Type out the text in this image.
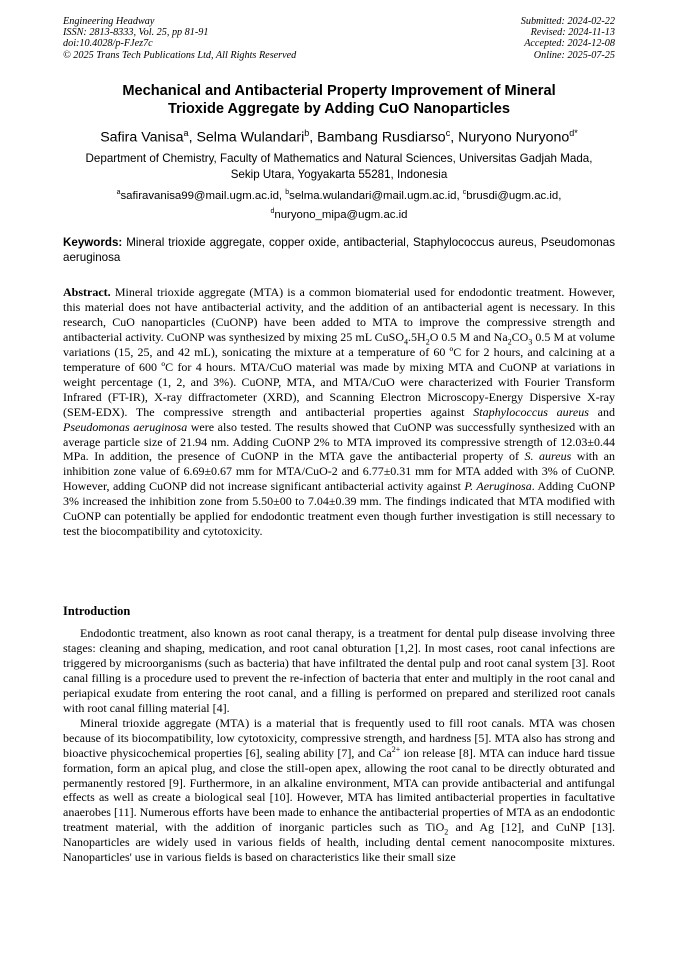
Engineering Headway
ISSN: 2813-8333, Vol. 25, pp 81-91
doi:10.4028/p-FJez7c
© 2025 Trans Tech Publications Ltd, All Rights Reserved
Submitted: 2024-02-22
Revised: 2024-11-13
Accepted: 2024-12-08
Online: 2025-07-25
Mechanical and Antibacterial Property Improvement of Mineral
Trioxide Aggregate by Adding CuO Nanoparticles
Safira Vanisa$^a$, Selma Wulandari$^b$, Bambang Rusdiarso$^c$, Nuryono Nuryono$^{d*}$
Department of Chemistry, Faculty of Mathematics and Natural Sciences, Universitas Gadjah Mada,
Sekip Utara, Yogyakarta 55281, Indonesia
$^a$safiravanisa99@mail.ugm.ac.id, $^b$selma.wulandari@mail.ugm.ac.id, $^c$brusdi@ugm.ac.id,
$^d$nuryono_mipa@ugm.ac.id
Keywords: Mineral trioxide aggregate, copper oxide, antibacterial, Staphylococcus aureus, Pseudomonas aeruginosa
Abstract. Mineral trioxide aggregate (MTA) is a common biomaterial used for endodontic treatment. However, this material does not have antibacterial activity, and the addition of an antibacterial agent is necessary. In this research, CuO nanoparticles (CuONP) have been added to MTA to improve the compressive strength and antibacterial activity. CuONP was synthesized by mixing 25 mL $CuSO_4.5H_2O$ 0.5 M and $Na_2CO_3$ 0.5 M at volume variations (15, 25, and 42 mL), sonicating the mixture at a temperature of 60 ºC for 2 hours, and calcining at a temperature of 600 ºC for 4 hours. MTA/CuO material was made by mixing MTA and CuONP at variations in weight percentage (1, 2, and 3%). CuONP, MTA, and MTA/CuO were characterized with Fourier Transform Infrared (FT-IR), X-ray diffractometer (XRD), and Scanning Electron Microscopy-Energy Dispersive X-ray (SEM-EDX). The compressive strength and antibacterial properties against Staphylococcus aureus and Pseudomonas aeruginosa were also tested. The results showed that CuONP was successfully synthesized with an average particle size of 21.94 nm. Adding CuONP 2% to MTA improved its compressive strength of 12.03±0.44 MPa. In addition, the presence of CuONP in the MTA gave the antibacterial property of S. aureus with an inhibition zone value of 6.69±0.67 mm for MTA/CuO-2 and 6.77±0.31 mm for MTA added with 3% of CuONP. However, adding CuONP did not increase significant antibacterial activity against P. Aeruginosa. Adding CuONP 3% increased the inhibition zone from 5.50±00 to 7.04±0.39 mm. The findings indicated that MTA modified with CuONP can potentially be applied for endodontic treatment even though further investigation is still necessary to test the biocompatibility and cytotoxicity.
Introduction

Endodontic treatment, also known as root canal therapy, is a treatment for dental pulp disease involving three stages: cleaning and shaping, medication, and root canal obturation [1,2]. In most cases, root canal infections are triggered by microorganisms (such as bacteria) that have infiltrated the dental pulp and root canal system [3]. Root canal filling is a procedure used to prevent the re-infection of bacteria that enter and multiply in the root canal and periapical exudate from entering the root canal, and a filling is performed on prepared and sterilized root canals with root canal filling material [4].

Mineral trioxide aggregate (MTA) is a material that is frequently used to fill root canals. MTA was chosen because of its biocompatibility, low cytotoxicity, compressive strength, and hardness [5]. MTA also has strong and bioactive physicochemical properties [6], sealing ability [7], and $Ca^{2+}$ ion release [8]. MTA can induce hard tissue formation, form an apical plug, and close the still-open apex, allowing the root canal to be directly obturated and permanently restored [9]. Furthermore, in an alkaline environment, MTA can provide antibacterial and antifungal effects as well as create a biological seal [10]. However, MTA has limited antibacterial properties in facultative anaerobes [11]. Numerous efforts have been made to enhance the antibacterial properties of MTA as an endodontic treatment material, with the addition of inorganic particles such as TiO$_2$ and Ag [12], and CuNP [13]. Nanoparticles are widely used in various fields of health, including dental cement nanocomposite mixtures. Nanoparticles' use in various fields is based on characteristics like their small size
